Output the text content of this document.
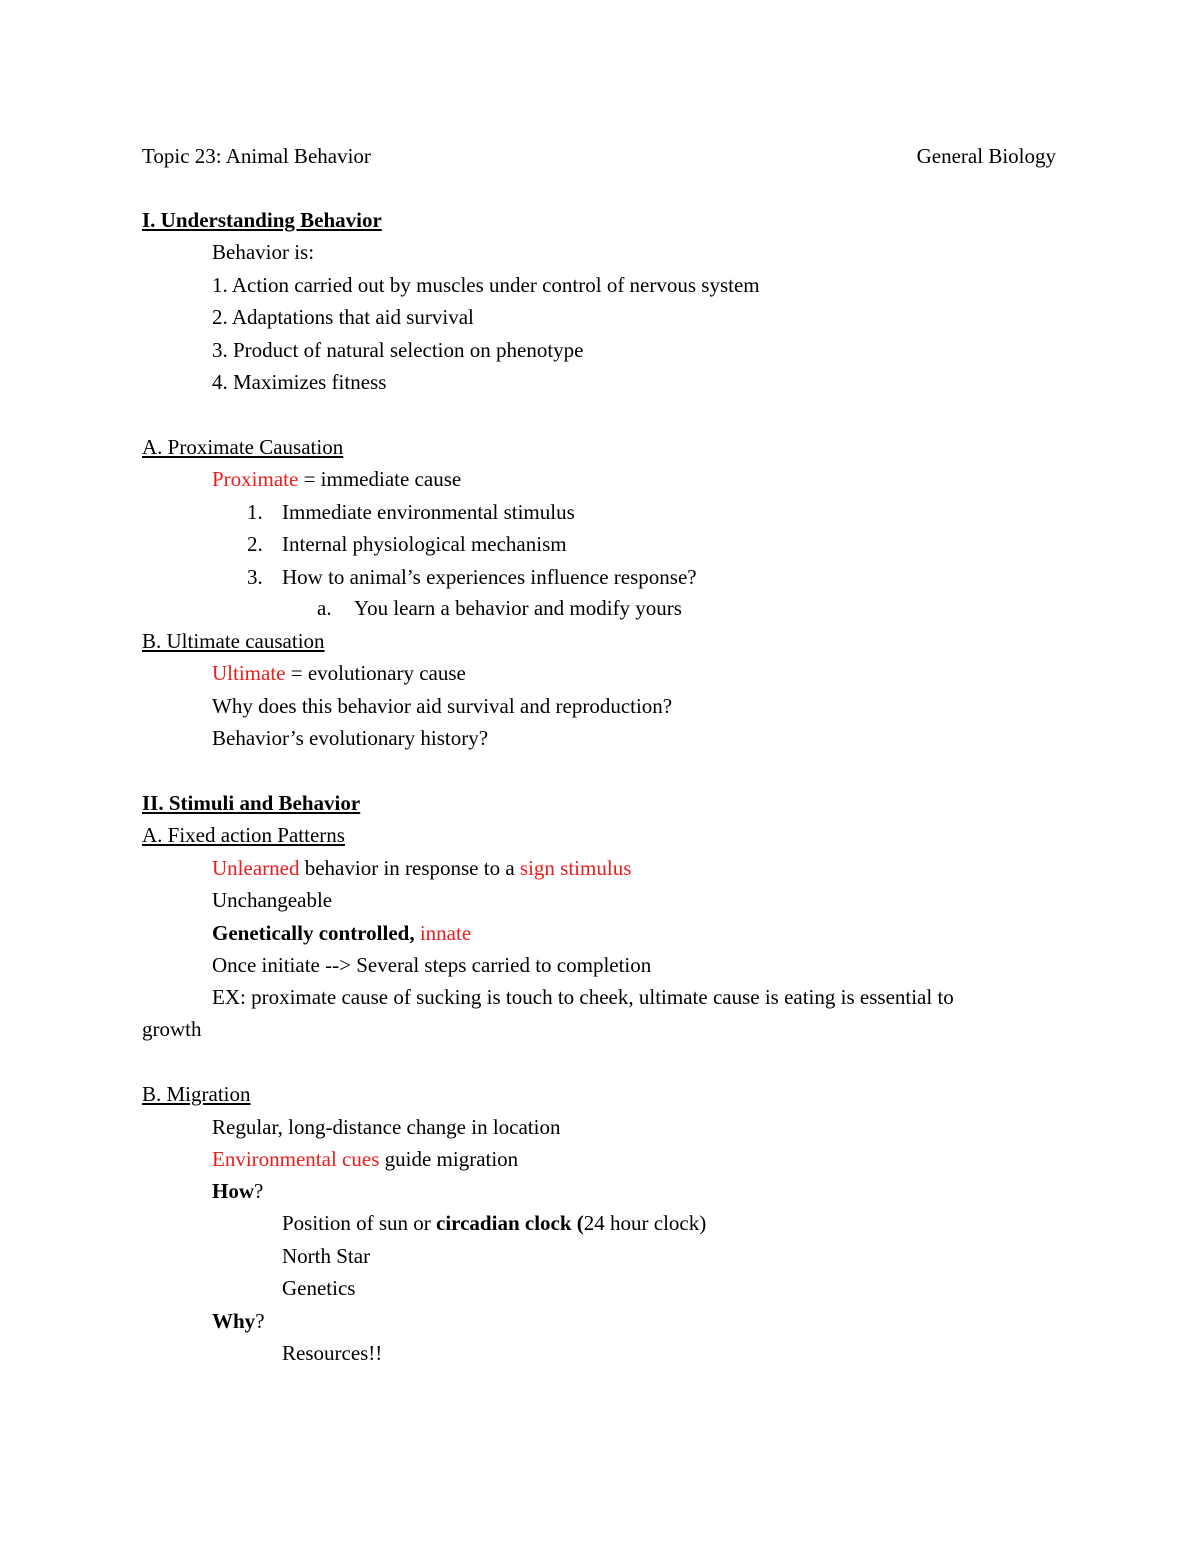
Topic 23: Animal Behavior	General Biology
I. Understanding Behavior
Behavior is:
1. Action carried out by muscles under control of nervous system
2. Adaptations that aid survival
3. Product of natural selection on phenotype
4. Maximizes fitness
A. Proximate Causation
Proximate = immediate cause
1. Immediate environmental stimulus
2. Internal physiological mechanism
3. How to animal’s experiences influence response?
a. You learn a behavior and modify yours
B. Ultimate causation
Ultimate = evolutionary cause
Why does this behavior aid survival and reproduction?
Behavior’s evolutionary history?
II. Stimuli and Behavior
A. Fixed action Patterns
Unlearned behavior in response to a sign stimulus
Unchangeable
Genetically controlled, innate
Once initiate --> Several steps carried to completion
EX: proximate cause of sucking is touch to cheek, ultimate cause is eating is essential to
growth
B. Migration
Regular, long-distance change in location
Environmental cues guide migration
How?
Position of sun or circadian clock (24 hour clock)
North Star
Genetics
Why?
Resources!!
